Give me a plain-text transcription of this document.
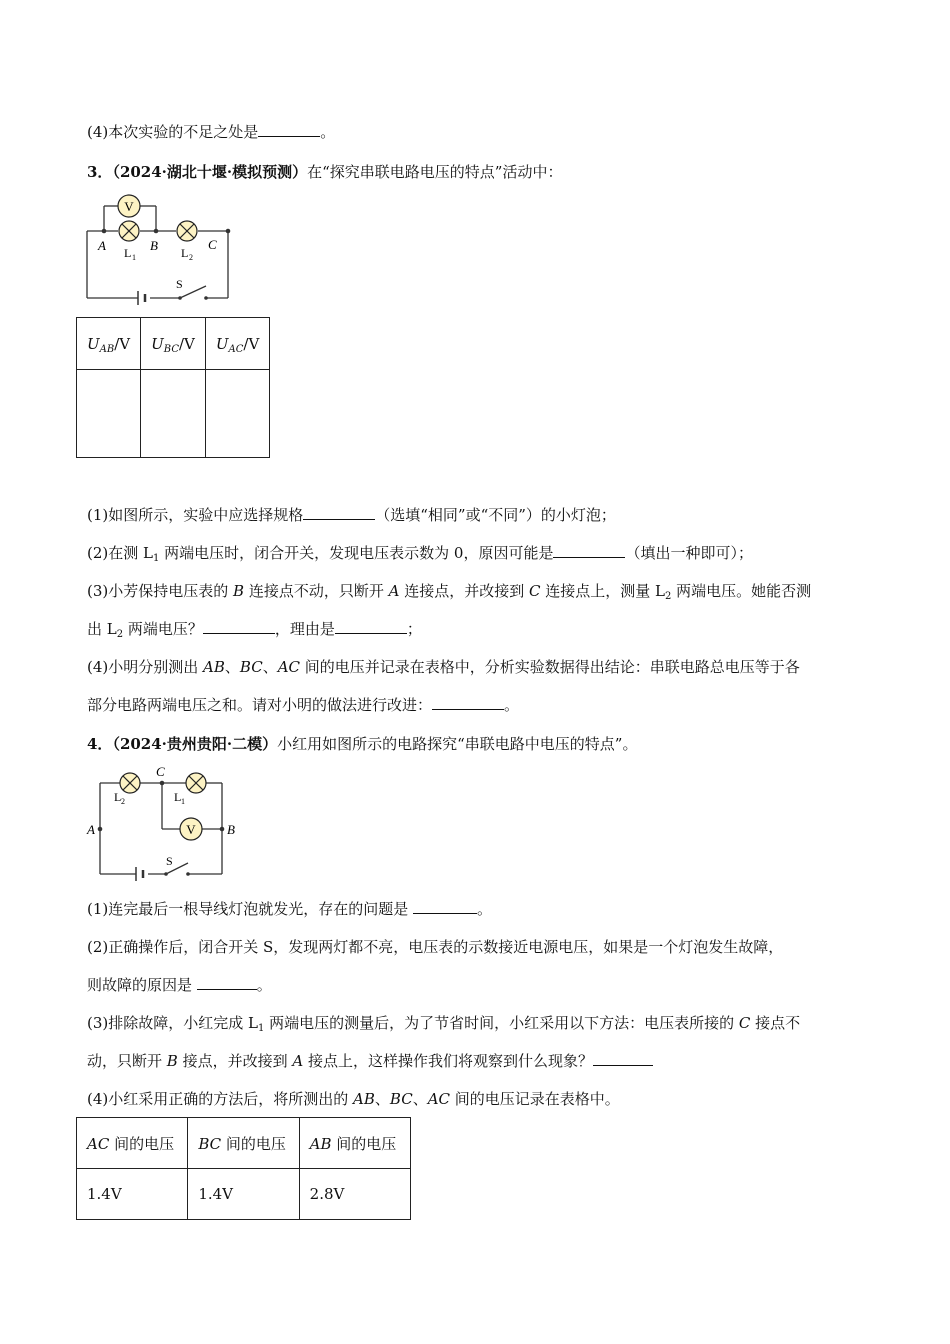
(4)本次实验的不足之处是	。
3．（2024·湖北十堰·模拟预测）在“探究串联电路电压的特点”活动中：
V
A	B	C
L 1	L 2
S
$U_{AB}/V$	$U_{BC}/V$	$U_{AC}/V$

(1)如图所示，实验中应选择规格	（选填“相同”或“不同”）的小灯泡；
(2)在测 $L_1$ 两端电压时，闭合开关，发现电压表示数为 0，原因可能是	（填出一种即可）；
(3)小芳保持电压表的 B 连接点不动，只断开 A 连接点，并改接到 C 连接点上，测量 $L_2$ 两端电压。她能否测
出 $L_2$ 两端电压？	，理由是	；
(4)小明分别测出 AB、BC、AC 间的电压并记录在表格中，分析实验数据得出结论：串联电路总电压等于各
部分电路两端电压之和。请对小明的做法进行改进：	。
4．（2024·贵州贵阳·二模）小红用如图所示的电路探究“串联电路中电压的特点”。
V
C
A	B
L 2	L 1
S
(1)连完最后一根导线灯泡就发光，存在的问题是	。
(2)正确操作后，闭合开关 S，发现两灯都不亮，电压表的示数接近电源电压，如果是一个灯泡发生故障，
则故障的原因是	。
(3)排除故障，小红完成 $L_1$ 两端电压的测量后，为了节省时间，小红采用以下方法：电压表所接的 C 接点不
动，只断开 B 接点，并改接到 A 接点上，这样操作我们将观察到什么现象？
(4)小红采用正确的方法后，将所测出的 AB、BC、AC 间的电压记录在表格中。
AC 间的电压	BC 间的电压	AB 间的电压
1.4V	1.4V	2.8V
